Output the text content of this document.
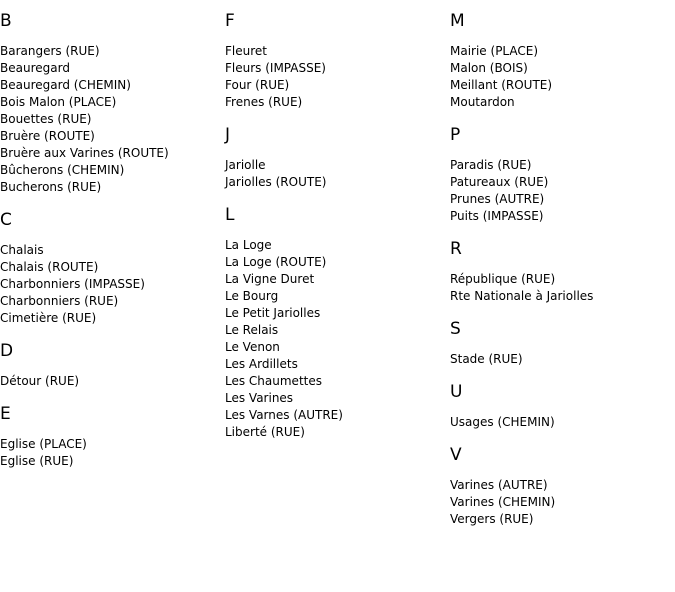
B
Barangers (RUE)
Beauregard
Beauregard (CHEMIN)
Bois Malon (PLACE)
Bouettes (RUE)
Bruère (ROUTE)
Bruère aux Varines (ROUTE)
Bûcherons (CHEMIN)
Bucherons (RUE)
C
Chalais
Chalais (ROUTE)
Charbonniers (IMPASSE)
Charbonniers (RUE)
Cimetière (RUE)
D
Détour (RUE)
E
Eglise (PLACE)
Eglise (RUE)
F
Fleuret
Fleurs (IMPASSE)
Four (RUE)
Frenes (RUE)
J
Jariolle
Jariolles (ROUTE)
L
La Loge
La Loge (ROUTE)
La Vigne Duret
Le Bourg
Le Petit Jariolles
Le Relais
Le Venon
Les Ardillets
Les Chaumettes
Les Varines
Les Varnes (AUTRE)
Liberté (RUE)
M
Mairie (PLACE)
Malon (BOIS)
Meillant (ROUTE)
Moutardon
P
Paradis (RUE)
Patureaux (RUE)
Prunes (AUTRE)
Puits (IMPASSE)
R
République (RUE)
Rte Nationale à Jariolles
S
Stade (RUE)
U
Usages (CHEMIN)
V
Varines (AUTRE)
Varines (CHEMIN)
Vergers (RUE)
